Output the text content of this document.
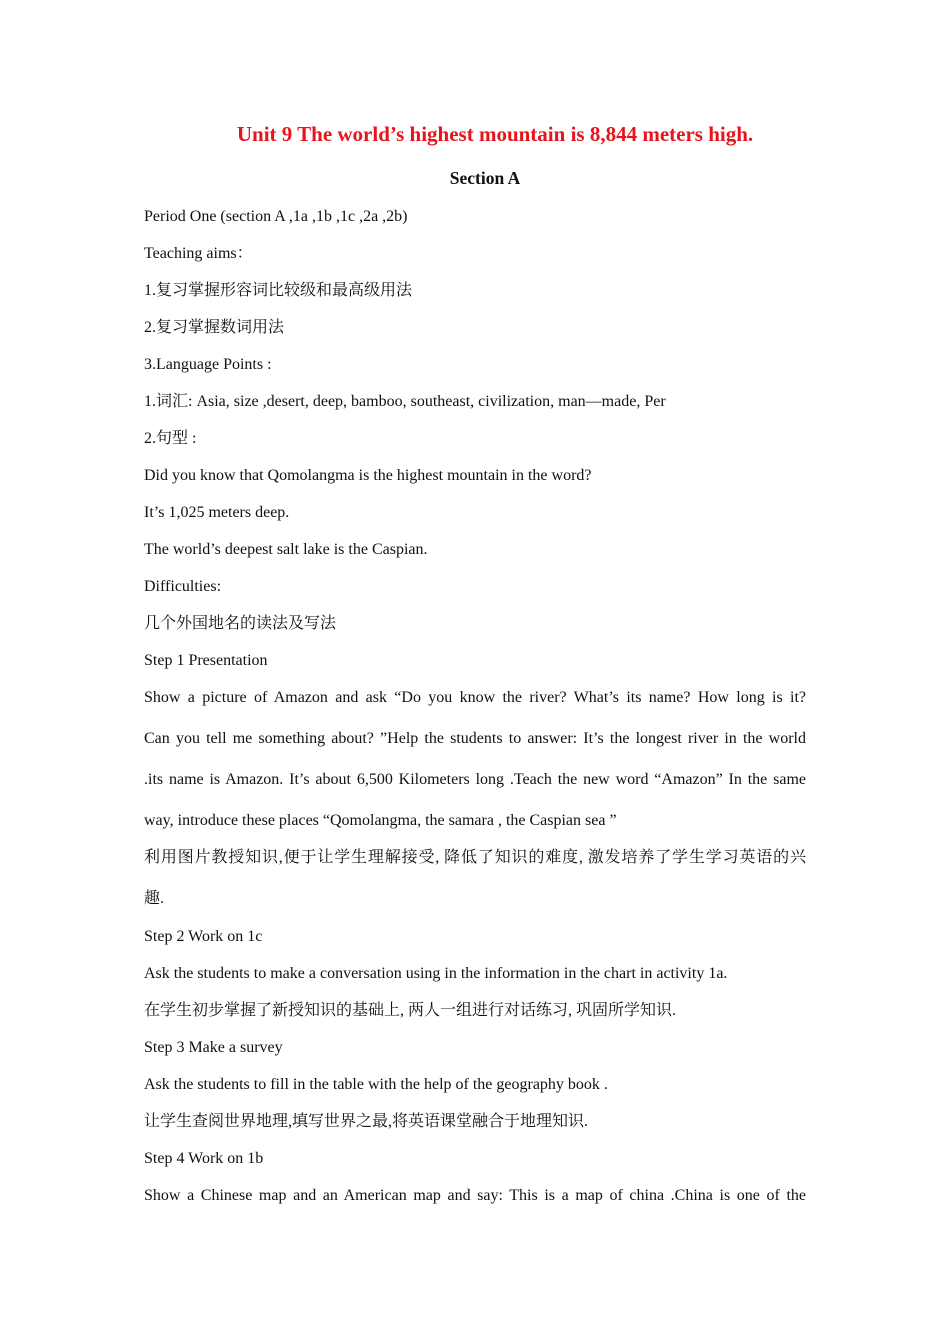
Unit 9 The world’s highest mountain is 8,844 meters high.
Section A
Period One (section A ,1a ,1b ,1c ,2a ,2b)
Teaching aims：
1.复习掌握形容词比较级和最高级用法
2.复习掌握数词用法
3.Language Points :
1.词汇: Asia, size ,desert, deep, bamboo, southeast, civilization, man—made, Per
2.句型 :
Did you know that Qomolangma is the highest mountain in the word?
It’s 1,025 meters deep.
The world’s deepest salt lake is the Caspian.
Difficulties:
几个外国地名的读法及写法
Step 1 Presentation
Show a picture of Amazon and ask “Do you know the river? What’s its name? How long is it?
Can you tell me something about? ”Help the students to answer: It’s the longest river in the world
.its name is Amazon. It’s about 6,500 Kilometers long .Teach the new word “Amazon” In the same
way, introduce these places “Qomolangma, the samara , the Caspian sea ”
利用图片教授知识,便于让学生理解接受, 降低了知识的难度, 激发培养了学生学习英语的兴
趣.
Step 2 Work on 1c
Ask the students to make a conversation using in the information in the chart in activity 1a.
在学生初步掌握了新授知识的基础上, 两人一组进行对话练习, 巩固所学知识.
Step 3 Make a survey
Ask the students to fill in the table with the help of the geography book .
让学生查阅世界地理,填写世界之最,将英语课堂融合于地理知识.
Step 4 Work on 1b
Show a Chinese map and an American map and say: This is a map of china .China is one of the
